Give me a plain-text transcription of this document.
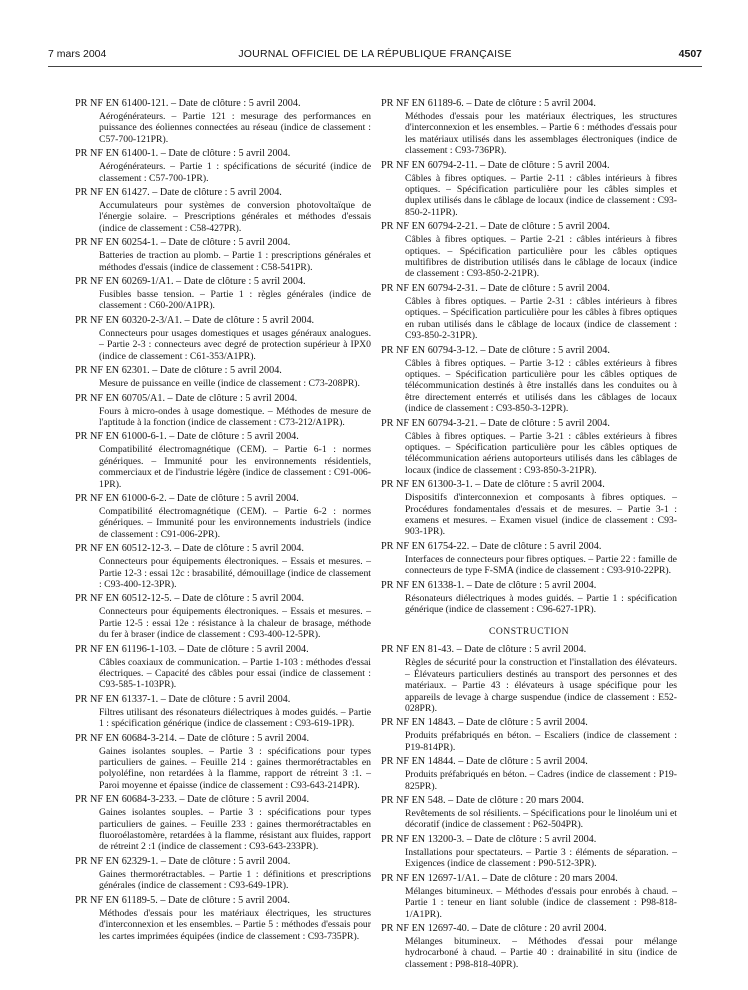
7 mars 2004	JOURNAL OFFICIEL DE LA RÉPUBLIQUE FRANÇAISE	4507
PR NF EN 61400-121. – Date de clôture : 5 avril 2004.
Aérogénérateurs. – Partie 121 : mesurage des performances en puissance des éoliennes connectées au réseau (indice de classement : C57-700-121PR).
PR NF EN 61400-1. – Date de clôture : 5 avril 2004.
Aérogénérateurs. – Partie 1 : spécifications de sécurité (indice de classement : C57-700-1PR).
PR NF EN 61427. – Date de clôture : 5 avril 2004.
Accumulateurs pour systèmes de conversion photovoltaïque de l'énergie solaire. – Prescriptions générales et méthodes d'essais (indice de classement : C58-427PR).
PR NF EN 60254-1. – Date de clôture : 5 avril 2004.
Batteries de traction au plomb. – Partie 1 : prescriptions générales et méthodes d'essais (indice de classement : C58-541PR).
PR NF EN 60269-1/A1. – Date de clôture : 5 avril 2004.
Fusibles basse tension. – Partie 1 : règles générales (indice de classement : C60-200/A1PR).
PR NF EN 60320-2-3/A1. – Date de clôture : 5 avril 2004.
Connecteurs pour usages domestiques et usages généraux analogues. – Partie 2-3 : connecteurs avec degré de protection supérieur à IPX0 (indice de classement : C61-353/A1PR).
PR NF EN 62301. – Date de clôture : 5 avril 2004.
Mesure de puissance en veille (indice de classement : C73-208PR).
PR NF EN 60705/A1. – Date de clôture : 5 avril 2004.
Fours à micro-ondes à usage domestique. – Méthodes de mesure de l'aptitude à la fonction (indice de classement : C73-212/A1PR).
PR NF EN 61000-6-1. – Date de clôture : 5 avril 2004.
Compatibilité électromagnétique (CEM). – Partie 6-1 : normes génériques. – Immunité pour les environnements résidentiels, commerciaux et de l'industrie légère (indice de classement : C91-006-1PR).
PR NF EN 61000-6-2. – Date de clôture : 5 avril 2004.
Compatibilité électromagnétique (CEM). – Partie 6-2 : normes génériques. – Immunité pour les environnements industriels (indice de classement : C91-006-2PR).
PR NF EN 60512-12-3. – Date de clôture : 5 avril 2004.
Connecteurs pour équipements électroniques. – Essais et mesures. – Partie 12-3 : essai 12c : brasabilité, démouillage (indice de classement : C93-400-12-3PR).
PR NF EN 60512-12-5. – Date de clôture : 5 avril 2004.
Connecteurs pour équipements électroniques. – Essais et mesures. – Partie 12-5 : essai 12e : résistance à la chaleur de brasage, méthode du fer à braser (indice de classement : C93-400-12-5PR).
PR NF EN 61196-1-103. – Date de clôture : 5 avril 2004.
Câbles coaxiaux de communication. – Partie 1-103 : méthodes d'essai électriques. – Capacité des câbles pour essai (indice de classement : C93-585-1-103PR).
PR NF EN 61337-1. – Date de clôture : 5 avril 2004.
Filtres utilisant des résonateurs diélectriques à modes guidés. – Partie 1 : spécification générique (indice de classement : C93-619-1PR).
PR NF EN 60684-3-214. – Date de clôture : 5 avril 2004.
Gaines isolantes souples. – Partie 3 : spécifications pour types particuliers de gaines. – Feuille 214 : gaines thermorétractables en polyoléfine, non retardées à la flamme, rapport de rétreint 3 :1. – Paroi moyenne et épaisse (indice de classement : C93-643-214PR).
PR NF EN 60684-3-233. – Date de clôture : 5 avril 2004.
Gaines isolantes souples. – Partie 3 : spécifications pour types particuliers de gaines. – Feuille 233 : gaines thermorétractables en fluoroélastomère, retardées à la flamme, résistant aux fluides, rapport de rétreint 2 :1 (indice de classement : C93-643-233PR).
PR NF EN 62329-1. – Date de clôture : 5 avril 2004.
Gaines thermorétractables. – Partie 1 : définitions et prescriptions générales (indice de classement : C93-649-1PR).
PR NF EN 61189-5. – Date de clôture : 5 avril 2004.
Méthodes d'essais pour les matériaux électriques, les structures d'interconnexion et les ensembles. – Partie 5 : méthodes d'essais pour les cartes imprimées équipées (indice de classement : C93-735PR).
PR NF EN 61189-6. – Date de clôture : 5 avril 2004.
Méthodes d'essais pour les matériaux électriques, les structures d'interconnexion et les ensembles. – Partie 6 : méthodes d'essais pour les matériaux utilisés dans les assemblages électroniques (indice de classement : C93-736PR).
PR NF EN 60794-2-11. – Date de clôture : 5 avril 2004.
Câbles à fibres optiques. – Partie 2-11 : câbles intérieurs à fibres optiques. – Spécification particulière pour les câbles simples et duplex utilisés dans le câblage de locaux (indice de classement : C93-850-2-11PR).
PR NF EN 60794-2-21. – Date de clôture : 5 avril 2004.
Câbles à fibres optiques. – Partie 2-21 : câbles intérieurs à fibres optiques. – Spécification particulière pour les câbles optiques multifibres de distribution utilisés dans le câblage de locaux (indice de classement : C93-850-2-21PR).
PR NF EN 60794-2-31. – Date de clôture : 5 avril 2004.
Câbles à fibres optiques. – Partie 2-31 : câbles intérieurs à fibres optiques. – Spécification particulière pour les câbles à fibres optiques en ruban utilisés dans le câblage de locaux (indice de classement : C93-850-2-31PR).
PR NF EN 60794-3-12. – Date de clôture : 5 avril 2004.
Câbles à fibres optiques. – Partie 3-12 : câbles extérieurs à fibres optiques. – Spécification particulière pour les câbles optiques de télécommunication destinés à être installés dans les conduites ou à être directement enterrés et utilisés dans les câblages de locaux (indice de classement : C93-850-3-12PR).
PR NF EN 60794-3-21. – Date de clôture : 5 avril 2004.
Câbles à fibres optiques. – Partie 3-21 : câbles extérieurs à fibres optiques. – Spécification particulière pour les câbles optiques de télécommunication aériens autoporteurs utilisés dans les câblages de locaux (indice de classement : C93-850-3-21PR).
PR NF EN 61300-3-1. – Date de clôture : 5 avril 2004.
Dispositifs d'interconnexion et composants à fibres optiques. – Procédures fondamentales d'essais et de mesures. – Partie 3-1 : examens et mesures. – Examen visuel (indice de classement : C93-903-1PR).
PR NF EN 61754-22. – Date de clôture : 5 avril 2004.
Interfaces de connecteurs pour fibres optiques. – Partie 22 : famille de connecteurs de type F-SMA (indice de classement : C93-910-22PR).
PR NF EN 61338-1. – Date de clôture : 5 avril 2004.
Résonateurs diélectriques à modes guidés. – Partie 1 : spécification générique (indice de classement : C96-627-1PR).
CONSTRUCTION
PR NF EN 81-43. – Date de clôture : 5 avril 2004.
Règles de sécurité pour la construction et l'installation des élévateurs. – Élévateurs particuliers destinés au transport des personnes et des matériaux. – Partie 43 : élévateurs à usage spécifique pour les appareils de levage à charge suspendue (indice de classement : E52-028PR).
PR NF EN 14843. – Date de clôture : 5 avril 2004.
Produits préfabriqués en béton. – Escaliers (indice de classement : P19-814PR).
PR NF EN 14844. – Date de clôture : 5 avril 2004.
Produits préfabriqués en béton. – Cadres (indice de classement : P19-825PR).
PR NF EN 548. – Date de clôture : 20 mars 2004.
Revêtements de sol résilients. – Spécifications pour le linoléum uni et décoratif (indice de classement : P62-504PR).
PR NF EN 13200-3. – Date de clôture : 5 avril 2004.
Installations pour spectateurs. – Partie 3 : éléments de séparation. – Exigences (indice de classement : P90-512-3PR).
PR NF EN 12697-1/A1. – Date de clôture : 20 mars 2004.
Mélanges bitumineux. – Méthodes d'essais pour enrobés à chaud. – Partie 1 : teneur en liant soluble (indice de classement : P98-818-1/A1PR).
PR NF EN 12697-40. – Date de clôture : 20 avril 2004.
Mélanges bitumineux. – Méthodes d'essai pour mélange hydrocarboné à chaud. – Partie 40 : drainabilité in situ (indice de classement : P98-818-40PR).
